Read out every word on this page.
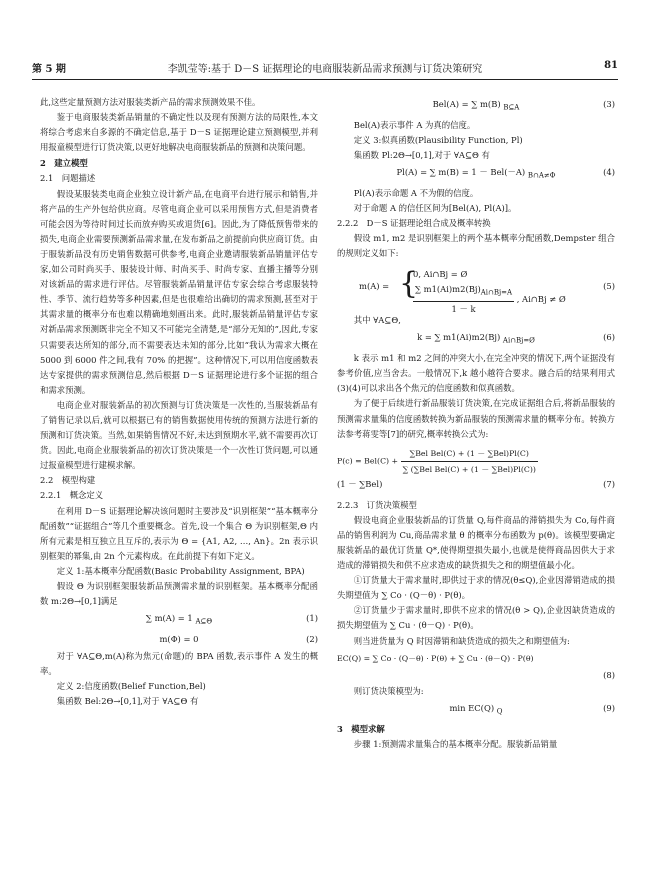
第 5 期	李凯莹等:基于 D－S 证据理论的电商服装新品需求预测与订货决策研究	81

此,这些定量预测方法对服装类新产品的需求预测效果不佳。

鉴于电商服装类新品销量的不确定性以及现有预测方法的局限性,本文将综合考虑来自多源的不确定信息,基于 D－S 证据理论建立预测模型,并利用报童模型进行订货决策,以更好地解决电商服装新品的预测和决策问题。

2　建立模型

2.1　问题描述

假设某服装类电商企业独立设计新产品,在电商平台进行展示和销售,并将产品的生产外包给供应商。尽管电商企业可以采用预售方式,但是消费者可能会因为等待时间过长而放弃购买或退货[6]。因此,为了降低预售带来的损失,电商企业需要预测新品需求量,在发布新品之前提前向供应商订货。由于服装新品没有历史销售数据可供参考,电商企业邀请服装新品销量评估专家,如公司时尚买手、服装设计师、时尚买手、时尚专家、直播主播等分别对该新品的需求进行评估。尽管服装新品销量评估专家会综合考虑服装特性、季节、流行趋势等多种因素,但是也很难给出确切的需求预测,甚至对于其需求量的概率分布也难以精确地刻画出来。此时,服装新品销量评估专家对新品需求预测既非完全不知又不可能完全清楚,是“部分无知的”,因此,专家只需要表达所知的部分,而不需要表达未知的部分,比如“我认为需求大概在 5000 到 6000 件之间,我有 70% 的把握”。这种情况下,可以用信度函数表达专家提供的需求预测信息,然后根据 D－S 证据理论进行多个证据的组合和需求预测。

电商企业对服装新品的初次预测与订货决策是一次性的,当服装新品有了销售记录以后,就可以根据已有的销售数据使用传统的预测方法进行新的预测和订货决策。当然,如果销售情况不好,未达到预期水平,就不需要再次订货。因此,电商企业服装新品的初次订货决策是一个一次性订货问题,可以通过报童模型进行建模求解。

2.2　模型构建

2.2.1　概念定义

在利用 D－S 证据理论解决该问题时主要涉及“识别框架”“基本概率分配函数”“证据组合”等几个重要概念。首先,设一个集合 Θ 为识别框架,Θ 内所有元素是相互独立且互斥的,表示为 Θ = {A1, A2, …, An}。2n 表示识别框架的幂集,由 2n 个元素构成。在此前提下有如下定义。

定义 1:基本概率分配函数(Basic Probability Assignment, BPA)

假设 Θ 为识别框架服装新品预测需求量的识别框架。基本概率分配函数 m:2Θ→[0,1]满足

∑ m(A) = 1 $_{A⊆\Theta}$	(1)
m(Φ) = 0	(2)

对于 ∀A⊆Θ,m(A)称为焦元(命题)的 BPA 函数,表示事件 A 发生的概率。

定义 2:信度函数(Belief Function,Bel)

集函数 Bel:2Θ→[0,1],对于 ∀A⊆Θ 有

Bel(A) = ∑ m(B) $_{B⊆A}$	(3)

Bel(A)表示事件 A 为真的信度。

定义 3:似真函数(Plausibility Function, Pl)

集函数 Pl:2Θ→[0,1],对于 ∀A⊆Θ 有

Pl(A) = ∑ m(B) = 1 － Bel(－A) $_{B\cap A\ne\Phi}$	(4)

Pl(A)表示命题 A 不为假的信度。

对于命题 A 的信任区间为[Bel(A), Pl(A)]。

2.2.2　D－S 证据理论组合成及概率转换

假设 m1, m2 是识别框架上的两个基本概率分配函数,Dempster 组合的规则定义如下:

m(A) = {
0, Ai∩Bj = Ø
$\frac{\sum m1(Ai)m2(Bj)_{Ai\cap Bj=A}}{1 - k}$ , Ai∩Bj ≠ Ø
(5)

其中 ∀A⊆Θ,

k = ∑ m1(Ai)m2(Bj) $_{Ai\cap Bj=Ø}$	(6)

k 表示 m1 和 m2 之间的冲突大小,在完全冲突的情况下,两个证据没有参考价值,应当舍去。一般情况下,k 越小越符合要求。融合后的结果利用式(3)(4)可以求出各个焦元的信度函数和似真函数。

为了便于后续进行新品服装订货决策,在完成证据组合后,将新品服装的预测需求量集的信度函数转换为新品服装的预测需求量的概率分布。转换方法参考蒋雯等[7]的研究,概率转换公式为:

$P(c) = Bel(C) + \frac{\text{∑Bel Bel(C) + (1 － ∑Bel)Pl(C)}}{\text{∑ (∑Bel Bel(C) + (1 － ∑Bel)Pl(C))}}$
(1 － ∑Bel)	(7)

2.2.3　订货决策模型

假设电商企业服装新品的订货量 Q,每件商品的滞销损失为 Co,每件商品的销售利润为 Cu,商品需求量 θ 的概率分布函数为 p(θ)。该模型要确定服装新品的最优订货量 Q*,使得期望损失最小,也就是使得商品因供大于求造成的滞销损失和供不应求造成的缺货损失之和的期望值最小化。

①订货量大于需求量时,即供过于求的情况(θ≤Q),企业因滞销造成的损失期望值为 ∑ Co · (Q－θ) · P(θ)。

②订货量少于需求量时,即供不应求的情况(θ > Q),企业因缺货造成的损失期望值为 ∑ Cu · (θ－Q) · P(θ)。

则当进货量为 Q 时因滞销和缺货造成的损失之和期望值为:

EC(Q) = ∑ Co · (Q－θ) · P(θ) + ∑ Cu · (θ－Q) · P(θ)
(8)

则订货决策模型为:

min EC(Q) $_Q$	(9)

3　模型求解

步骤 1:预测需求量集合的基本概率分配。服装新品销量
